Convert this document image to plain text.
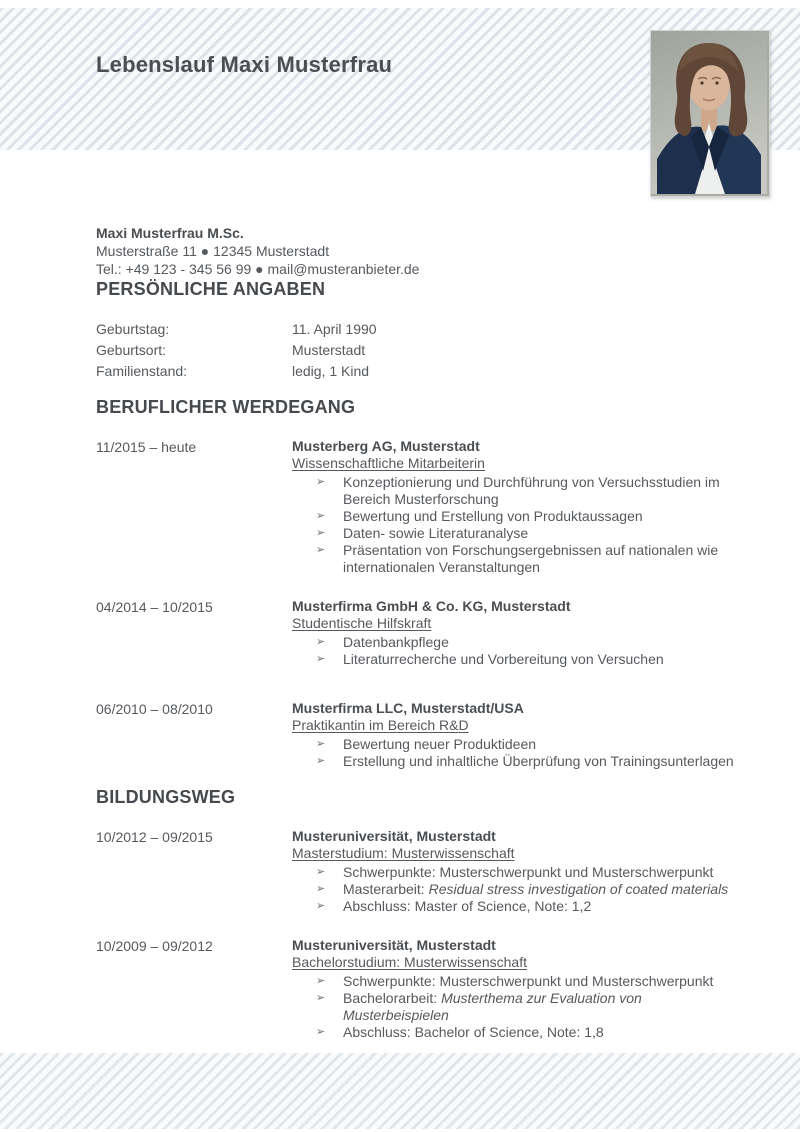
Lebenslauf Maxi Musterfrau
Maxi Musterfrau M.Sc.
Musterstraße 11 ● 12345 Musterstadt
Tel.: +49 123 - 345 56 99 ● mail@musteranbieter.de
PERSÖNLICHE ANGABEN
Geburtstag:	11. April 1990
Geburtsort:	Musterstadt
Familienstand:	ledig, 1 Kind
BERUFLICHER WERDEGANG
11/2015 – heute	Musterberg AG, Musterstadt
Wissenschaftliche Mitarbeiterin
➢	Konzeptionierung und Durchführung von Versuchsstudien im Bereich Musterforschung
➢	Bewertung und Erstellung von Produktaussagen
➢	Daten- sowie Literaturanalyse
➢	Präsentation von Forschungsergebnissen auf nationalen wie internationalen Veranstaltungen
04/2014 – 10/2015	Musterfirma GmbH & Co. KG, Musterstadt
Studentische Hilfskraft
➢	Datenbankpflege
➢	Literaturrecherche und Vorbereitung von Versuchen
06/2010 – 08/2010	Musterfirma LLC, Musterstadt/USA
Praktikantin im Bereich R&D
➢	Bewertung neuer Produktideen
➢	Erstellung und inhaltliche Überprüfung von Trainingsunterlagen
BILDUNGSWEG
10/2012 – 09/2015	Musteruniversität, Musterstadt
Masterstudium: Musterwissenschaft
➢	Schwerpunkte: Musterschwerpunkt und Musterschwerpunkt
➢	Masterarbeit: Residual stress investigation of coated materials
➢	Abschluss: Master of Science, Note: 1,2
10/2009 – 09/2012	Musteruniversität, Musterstadt
Bachelorstudium: Musterwissenschaft
➢	Schwerpunkte: Musterschwerpunkt und Musterschwerpunkt
➢	Bachelorarbeit: Musterthema zur Evaluation von Musterbeispielen
➢	Abschluss: Bachelor of Science, Note: 1,8
